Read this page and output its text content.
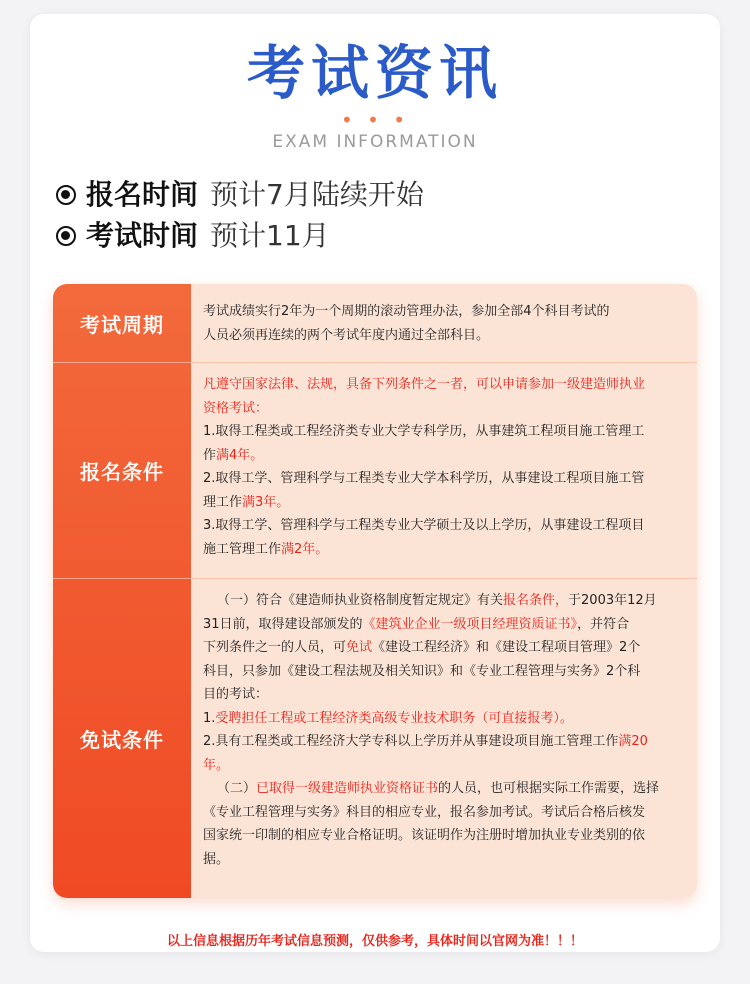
考试资讯
• • •
EXAM INFORMATION
报名时间 预计7月陆续开始
考试时间 预计11月
考试周期
考试成绩实行2年为一个周期的滚动管理办法，参加全部4个科目考试的
人员必须再连续的两个考试年度内通过全部科目。
报名条件
凡遵守国家法律、法规，具备下列条件之一者，可以申请参加一级建造师执业
资格考试：
1.取得工程类或工程经济类专业大学专科学历，从事建筑工程项目施工管理工
作满4年。
2.取得工学、管理科学与工程类专业大学本科学历，从事建设工程项目施工管
理工作满3年。
3.取得工学、管理科学与工程类专业大学硕士及以上学历，从事建设工程项目
施工管理工作满2年。
免试条件
（一）符合《建造师执业资格制度暂定规定》有关报名条件，于2003年12月
31日前，取得建设部颁发的《建筑业企业一级项目经理资质证书》，并符合
下列条件之一的人员，可免试《建设工程经济》和《建设工程项目管理》2个
科目，只参加《建设工程法规及相关知识》和《专业工程管理与实务》2个科
目的考试：
1.受聘担任工程或工程经济类高级专业技术职务（可直接报考）。
2.具有工程类或工程经济大学专科以上学历并从事建设项目施工管理工作满20
年。
（二）已取得一级建造师执业资格证书的人员，也可根据实际工作需要，选择
《专业工程管理与实务》科目的相应专业，报名参加考试。考试后合格后核发
国家统一印制的相应专业合格证明。该证明作为注册时增加执业专业类别的依
据。
以上信息根据历年考试信息预测，仅供参考，具体时间以官网为准！！！
